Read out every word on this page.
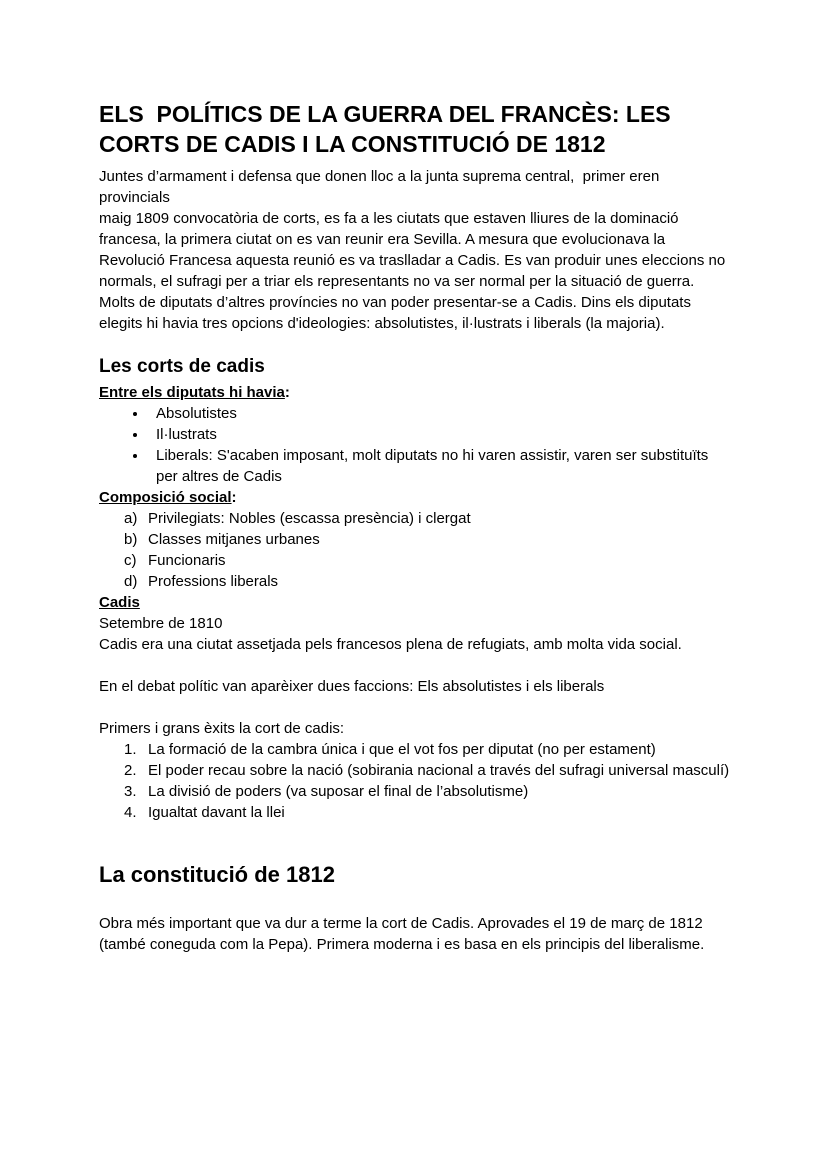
ELS  POLÍTICS DE LA GUERRA DEL FRANCÈS: LES CORTS DE CADIS I LA CONSTITUCIÓ DE 1812

Juntes d’armament i defensa que donen lloc a la junta suprema central,  primer eren provincials

maig 1809 convocatòria de corts, es fa a les ciutats que estaven lliures de la dominació francesa, la primera ciutat on es van reunir era Sevilla. A mesura que evolucionava la Revolució Francesa aquesta reunió es va traslladar a Cadis. Es van produir unes eleccions no normals, el sufragi per a triar els representants no va ser normal per la situació de guerra. Molts de diputats d’altres províncies no van poder presentar-se a Cadis. Dins els diputats elegits hi havia tres opcions d'ideologies: absolutistes, il·lustrats i liberals (la majoria).

Les corts de cadis

Entre els diputats hi havia:

• Absolutistes
• Il·lustrats
• Liberals: S'acaben imposant, molt diputats no hi varen assistir, varen ser substituïts per altres de Cadis

Composició social:

a) Privilegiats: Nobles (escassa presència) i clergat
b) Classes mitjanes urbanes
c) Funcionaris
d) Professions liberals

Cadis

Setembre de 1810

Cadis era una ciutat assetjada pels francesos plena de refugiats, amb molta vida social.

En el debat polític van aparèixer dues faccions: Els absolutistes i els liberals

Primers i grans èxits la cort de cadis:

1. La formació de la cambra única i que el vot fos per diputat (no per estament)
2. El poder recau sobre la nació (sobirania nacional a través del sufragi universal masculí)
3. La divisió de poders (va suposar el final de l’absolutisme)
4. Igualtat davant la llei
La constitució de 1812

Obra més important que va dur a terme la cort de Cadis. Aprovades el 19 de març de 1812 (també coneguda com la Pepa). Primera moderna i es basa en els principis del liberalisme.
